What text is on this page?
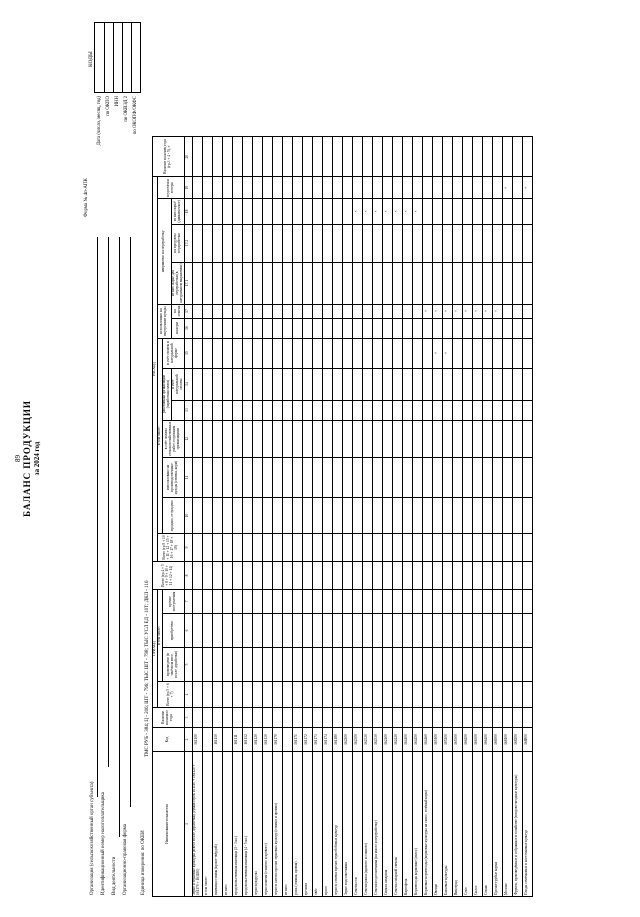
89 БАЛАНС ПРОДУКЦИИ за 2024 год
Форма № 4п-АПК
КОДЫ
Дата (число, месяц, год) по ОКПО ИНН по ОКВЭД 2 по ОКОПФ/ОКФС
Организация (сельскохозяйственный орган субъекта) Идентификационный номер налогоплательщика Вид деятельности Организационно-правовая форма	Единица измерения: по ОКЕИ
ТМС РУБ - 384; Ц - 206; ШТ - 796; ТЫС ШТ - 798; ТЫС УСЛ ЕД - 10Т; ДКЛ - 116
Наименование показателя	Код	Наличие на начало года	ПРИХОД				Всего (гр.4 + 5 + 8 + 9 + 10 + 11 + 12 + 14)	РАСХОД													Наличие на конец года (гр.3 + 4 - 5), т
			Всего (гр.5 + 6 + 7)	в том числе:				Всего (гр.9 + 10 + 11 + 12 + 15 + 16 + 17 + 18 + 19)	в том числе:						использовано на внутренние нужды		направлено на переработку			недостача и потери	
				произведено (в зачётном весе, после доработки)	приобретено	прочие поступления			продано, отчуждено	использовано на производственные нужды (семена, корм)	в счёт оплаты сельскохозяйственных работ сторонним организациям	работникам организации (заработная плата)		в счёт оплаты в натуральной форме							
													в счёт натуральной оплаты		на корм	на семена	из них сырьё для переработки (в натуральном выражении)	на продукты переработки	из них сырьё (давальческое)		
1	2	3	4	5	6	7	8	9	10	11	12	13	14	15	16	17	17.1	17.2	18	19	20
Зерно и зерновые культуры (в весе после доработки) (сумма строк 161110 + 161120 + 161170 + 161180)	161100																				
в том числе:																					
пшеница озимая (кроме твёрдой)	161110																				
из них:																					
продовольственная пшеница (1 - 3 кл.)	161111																				
продовольственная пшеница (4 - 5 кл.)	161112																				
зерно кукурузы	161120																				
зерно ячменя (озимого и ярового)	161130																				
зерно в смесях прочих зерновых культур (озимых и яровых)	161170																				
из них:																					
рожь (озимая, яровая)	161171																				
гречиха	161172																				
овёс	161173																				
просо	161174																				
зерно и семена прочих зернобобовых культур	161180																				
Зерно подсолнечника	162200																				
Семена сои	162300																		×		
Семена рапса (ярового и озимого)	162320																		×		
Семена подсолнечника (на масло и переработку)	162330																		×		
Свекла сахарная	162400																		×		
Семена сахарной свеклы	162420																		×		
Картофель	164400																		×		
Корнеплоды кормовые (силос)	164450																		×		
Кормовые корнеплоды (кормовые культуры на силос, зелёный корм)	164460															×					
Овощи	165100													×		×					
Бахчевые культуры	165200													×		×					
Виноград	165300															×					
Сено	166200															×					
Силос	166300															×					
Сенаж	166400															×					
Прочие грубые корма	166500															×					
Молоко	168100																			×	
Фрукты, произведённые и собранные в хозяйстве (плодово-ягодные культуры)	168200																				
Плоды семечковых и косточковых культур	168800																			×	
